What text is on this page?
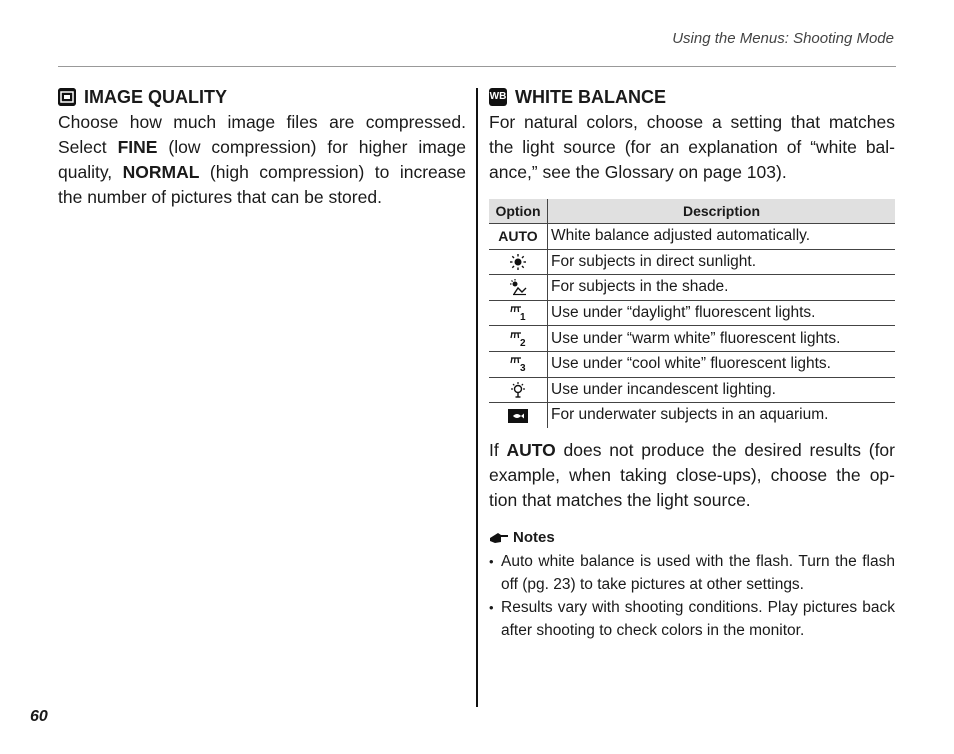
Using the Menus: Shooting Mode
IMAGE QUALITY
Choose how much image files are compressed. Select FINE (low compression) for higher image quality, NORMAL (high compression) to increase the number of pictures that can be stored.
WB WHITE BALANCE
For natural colors, choose a setting that matches the light source (for an explanation of “white bal-ance,” see the Glossary on page 103).
Option	Description
AUTO	White balance adjusted automatically.

	For subjects in direct sunlight.

	For subjects in the shade.

1	Use under “daylight” fluorescent lights.

2	Use under “warm white” fluorescent lights.

3	Use under “cool white” fluorescent lights.

	Use under incandescent lighting.

	For underwater subjects in an aquarium.
If AUTO does not produce the desired results (for example, when taking close-ups), choose the op-tion that matches the light source.
Notes
• Auto white balance is used with the flash. Turn the flash off (pg. 23) to take pictures at other settings.
• Results vary with shooting conditions. Play pictures back after shooting to check colors in the monitor.
60
